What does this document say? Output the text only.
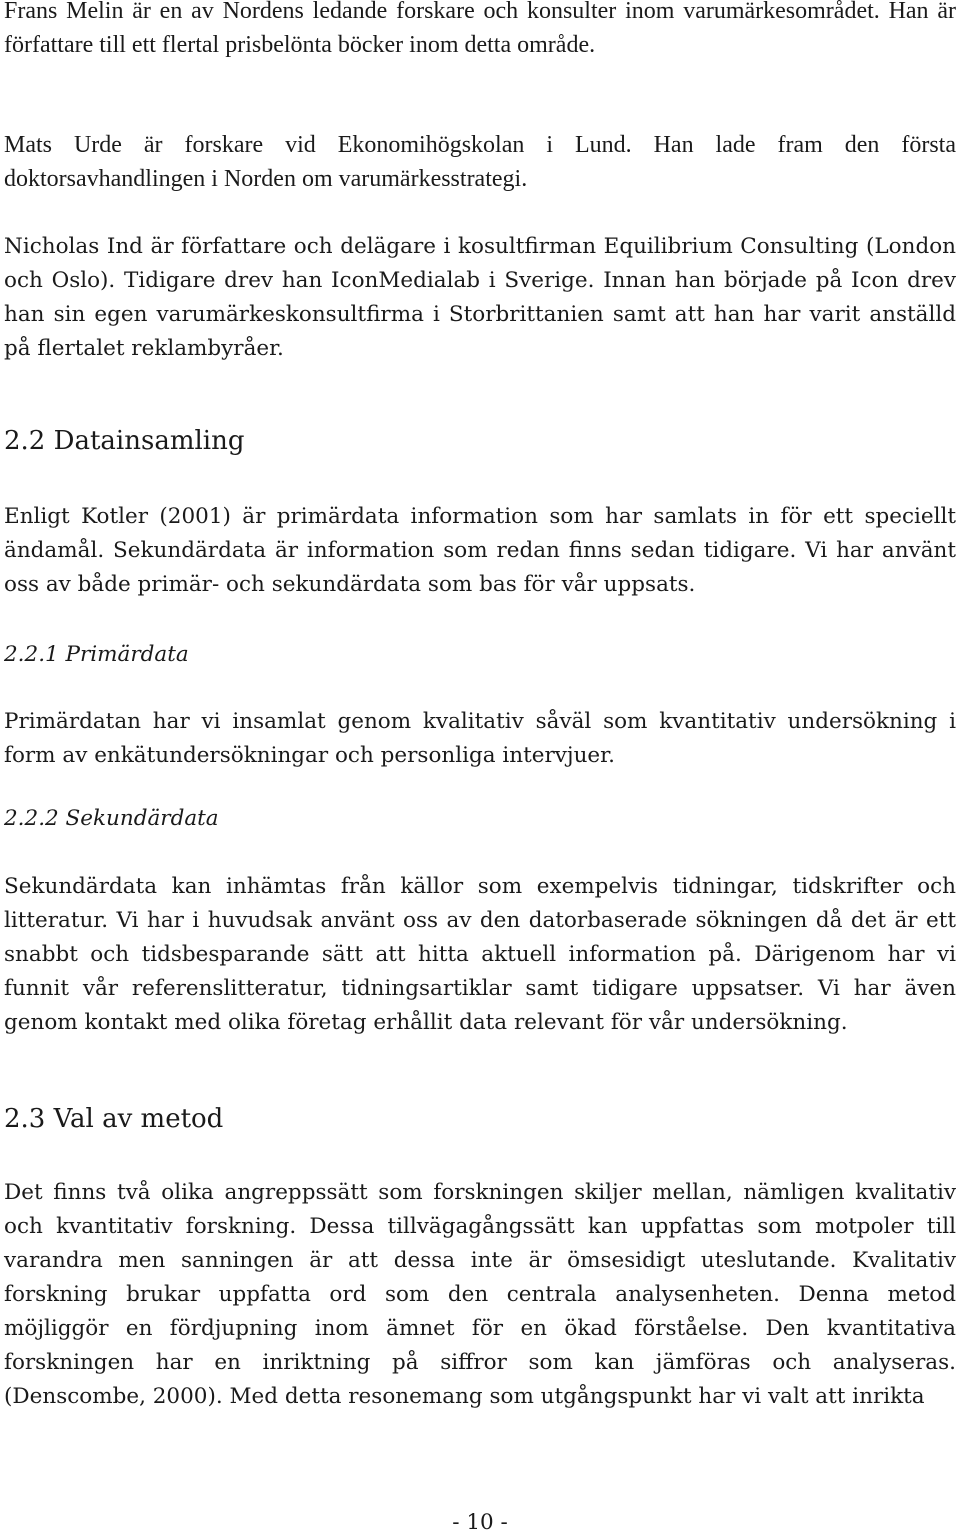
Frans Melin är en av Nordens ledande forskare och konsulter inom varumärkesområdet. Han är författare till ett flertal prisbelönta böcker inom detta område.

Mats Urde är forskare vid Ekonomihögskolan i Lund. Han lade fram den första doktorsavhandlingen i Norden om varumärkesstrategi.

Nicholas Ind är författare och delägare i kosultfirman Equilibrium Consulting (London och Oslo). Tidigare drev han IconMedialab i Sverige. Innan han började på Icon drev han sin egen varumärkeskonsultfirma i Storbrittanien samt att han har varit anställd på flertalet reklambyråer.

2.2 Datainsamling

Enligt Kotler (2001) är primärdata information som har samlats in för ett speciellt ändamål. Sekundärdata är information som redan finns sedan tidigare. Vi har använt oss av både primär- och sekundärdata som bas för vår uppsats.

2.2.1 Primärdata

Primärdatan har vi insamlat genom kvalitativ såväl som kvantitativ undersökning i form av enkätundersökningar och personliga intervjuer.

2.2.2 Sekundärdata

Sekundärdata kan inhämtas från källor som exempelvis tidningar, tidskrifter och litteratur. Vi har i huvudsak använt oss av den datorbaserade sökningen då det är ett snabbt och tidsbesparande sätt att hitta aktuell information på. Därigenom har vi funnit vår referenslitteratur, tidningsartiklar samt tidigare uppsatser. Vi har även genom kontakt med olika företag erhållit data relevant för vår undersökning.

2.3 Val av metod

Det finns två olika angreppssätt som forskningen skiljer mellan, nämligen kvalitativ och kvantitativ forskning. Dessa tillvägagångssätt kan uppfattas som motpoler till varandra men sanningen är att dessa inte är ömsesidigt uteslutande. Kvalitativ forskning brukar uppfatta ord som den centrala analysenheten. Denna metod möjliggör en fördjupning inom ämnet för en ökad förståelse. Den kvantitativa forskningen har en inriktning på siffror som kan jämföras och analyseras. (Denscombe, 2000). Med detta resonemang som utgångspunkt har vi valt att inrikta

- 10 -
